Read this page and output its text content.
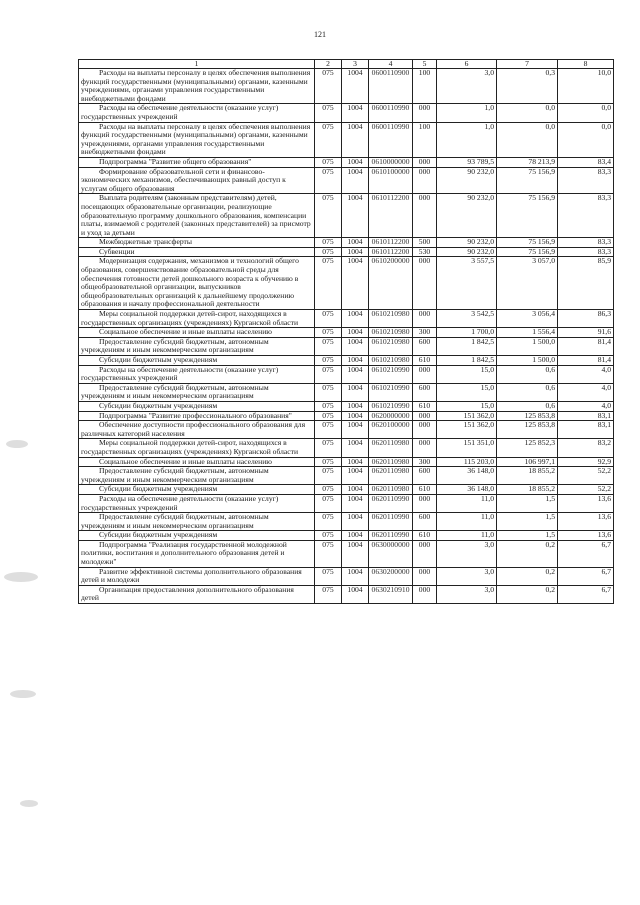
121
1	2	3	4	5	6	7	8
Расходы на выплаты персоналу в целях обеспечения выполнения функций государственными (муниципальными) органами, казенными учреждениями, органами управления государственными внебюджетными фондами	075	1004	0600110900	100	3,0	0,3	10,0
Расходы на обеспечение деятельности (оказание услуг) государственных учреждений	075	1004	0600110990	000	1,0	0,0	0,0
Расходы на выплаты персоналу в целях обеспечения выполнения функций государственными (муниципальными) органами, казенными учреждениями, органами управления государственными внебюджетными фондами	075	1004	0600110990	100	1,0	0,0	0,0
Подпрограмма "Развитие общего образования"	075	1004	0610000000	000	93 789,5	78 213,9	83,4
Формирование образовательной сети и финансово-экономических механизмов, обеспечивающих равный доступ к услугам общего образования	075	1004	0610100000	000	90 232,0	75 156,9	83,3
Выплата родителям (законным представителям) детей, посещающих образовательные организации, реализующие образовательную программу дошкольного образования, компенсации платы, взимаемой с родителей (законных представителей) за присмотр и уход за детьми	075	1004	0610112200	000	90 232,0	75 156,9	83,3
Межбюджетные трансферты	075	1004	0610112200	500	90 232,0	75 156,9	83,3
Субвенции	075	1004	0610112200	530	90 232,0	75 156,9	83,3
Модернизация содержания, механизмов и технологий общего образования, совершенствование образовательной среды для обеспечения готовности детей дошкольного возраста к обучению в общеобразовательной организации, выпускников общеобразовательных организаций к дальнейшему продолжению образования и началу профессиональной деятельности	075	1004	0610200000	000	3 557,5	3 057,0	85,9
Меры социальной поддержки детей-сирот, находящихся в государственных организациях (учреждениях) Курганской области	075	1004	0610210980	000	3 542,5	3 056,4	86,3
Социальное обеспечение и иные выплаты населению	075	1004	0610210980	300	1 700,0	1 556,4	91,6
Предоставление субсидий бюджетным, автономным учреждениям и иным некоммерческим организациям	075	1004	0610210980	600	1 842,5	1 500,0	81,4
Субсидии бюджетным учреждениям	075	1004	0610210980	610	1 842,5	1 500,0	81,4
Расходы на обеспечение деятельности (оказание услуг) государственных учреждений	075	1004	0610210990	000	15,0	0,6	4,0
Предоставление субсидий бюджетным, автономным учреждениям и иным некоммерческим организациям	075	1004	0610210990	600	15,0	0,6	4,0
Субсидии бюджетным учреждениям	075	1004	0610210990	610	15,0	0,6	4,0
Подпрограмма "Развитие профессионального образования"	075	1004	0620000000	000	151 362,0	125 853,8	83,1
Обеспечение доступности профессионального образования для различных категорий населения	075	1004	0620100000	000	151 362,0	125 853,8	83,1
Меры социальной поддержки детей-сирот, находящихся в государственных организациях (учреждениях) Курганской области	075	1004	0620110980	000	151 351,0	125 852,3	83,2
Социальное обеспечение и иные выплаты населению	075	1004	0620110980	300	115 203,0	106 997,1	92,9
Предоставление субсидий бюджетным, автономным учреждениям и иным некоммерческим организациям	075	1004	0620110980	600	36 148,0	18 855,2	52,2
Субсидии бюджетным учреждениям	075	1004	0620110980	610	36 148,0	18 855,2	52,2
Расходы на обеспечение деятельности (оказание услуг) государственных учреждений	075	1004	0620110990	000	11,0	1,5	13,6
Предоставление субсидий бюджетным, автономным учреждениям и иным некоммерческим организациям	075	1004	0620110990	600	11,0	1,5	13,6
Субсидии бюджетным учреждениям	075	1004	0620110990	610	11,0	1,5	13,6
Подпрограмма "Реализация государственной молодежной политики, воспитания и дополнительного образования детей и молодежи"	075	1004	0630000000	000	3,0	0,2	6,7
Развитие эффективной системы дополнительного образования детей и молодежи	075	1004	0630200000	000	3,0	0,2	6,7
Организация предоставления дополнительного образования детей	075	1004	0630210910	000	3,0	0,2	6,7
